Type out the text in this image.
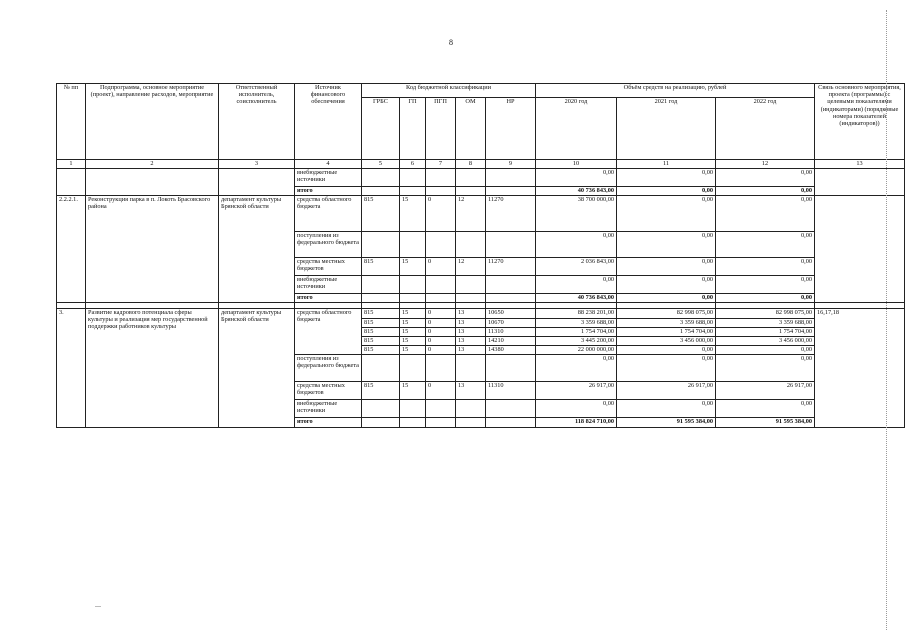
8
№ пп	Подпрограмма, основное мероприятие (проект), направление расходов, мероприятие	Ответственный исполнитель, соисполнитель	Источник финансового обеспечения	Код бюджетной классификации					Объём средств на реализацию, рублей			Связь основного мероприятия, проекта (программы) с целевыми показателями (индикаторами) (порядковые номера показателей (индикаторов))
				ГРБС	ГП	ПГП	ОМ	НР	2020 год	2021 год	2022 год	
1	2	3	4	5	6	7	8	9	10	11	12	13
			внебюджетные источники						0,00	0,00	0,00	
			итого						40 736 843,00	0,00	0,00	
2.2.2.1.	Реконструкция парка в п. Локоть Брасовского района	департамент культуры Брянской области	средства областного бюджета	815	15	0	12	11270	38 700 000,00	0,00	0,00	
			поступления из федерального бюджета						0,00	0,00	0,00	
			средства местных бюджетов	815	15	0	12	11270	2 036 843,00	0,00	0,00	
			внебюджетные источники						0,00	0,00	0,00	
			итого						40 736 843,00	0,00	0,00	

3.	Развитие кадрового потенциала сферы культуры и реализация мер государственной поддержки работников культуры	департамент культуры Брянской области	средства областного бюджета	815	15	0	13	10650	88 238 201,00	82 998 075,00	82 998 075,00	16,17,18
				815	15	0	13	10670	3 359 688,00	3 359 688,00	3 359 688,00	
				815	15	0	13	11310	1 754 704,00	1 754 704,00	1 754 704,00	
				815	15	0	13	14210	3 445 200,00	3 456 000,00	3 456 000,00	
				815	15	0	13	14380	22 000 000,00	0,00	0,00	
			поступления из федерального бюджета						0,00	0,00	0,00	
			средства местных бюджетов	815	15	0	13	11310	26 917,00	26 917,00	26 917,00	
			внебюджетные источники						0,00	0,00	0,00	
			итого						118 824 710,00	91 595 384,00	91 595 384,00	
